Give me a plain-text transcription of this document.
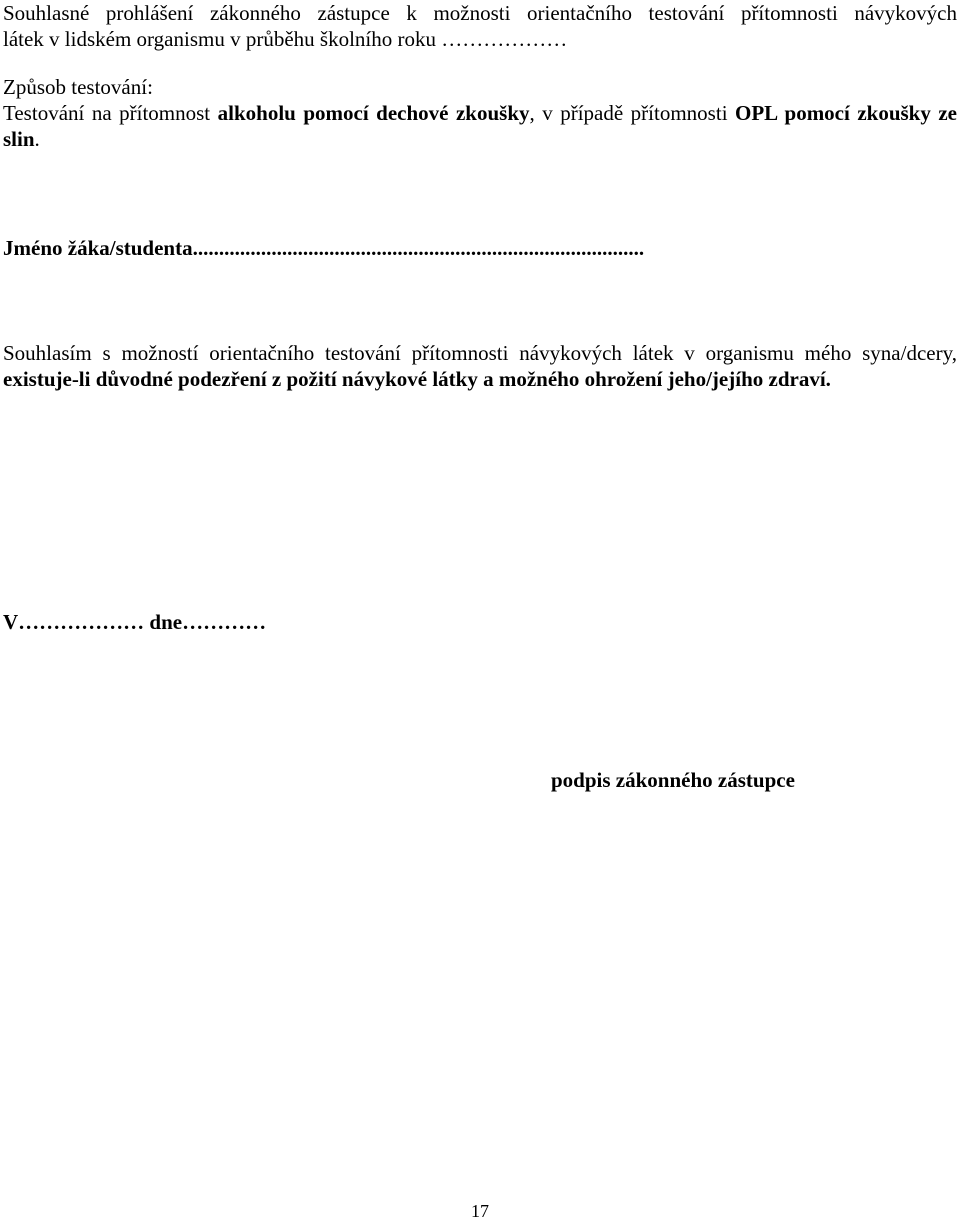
Souhlasné prohlášení zákonného zástupce k možnosti orientačního testování přítomnosti návykových
látek v lidském organismu v průběhu školního roku ………………
Způsob testování:
Testování na přítomnost alkoholu pomocí dechové zkoušky, v případě přítomnosti OPL pomocí zkoušky ze slin.
Jméno žáka/studenta......................................................................................
Souhlasím s možností orientačního testování přítomnosti návykových látek v organismu mého syna/dcery, existuje-li důvodné podezření z požití návykové látky a možného ohrožení jeho/jejího zdraví.
V……………… dne…………
podpis zákonného zástupce
17
